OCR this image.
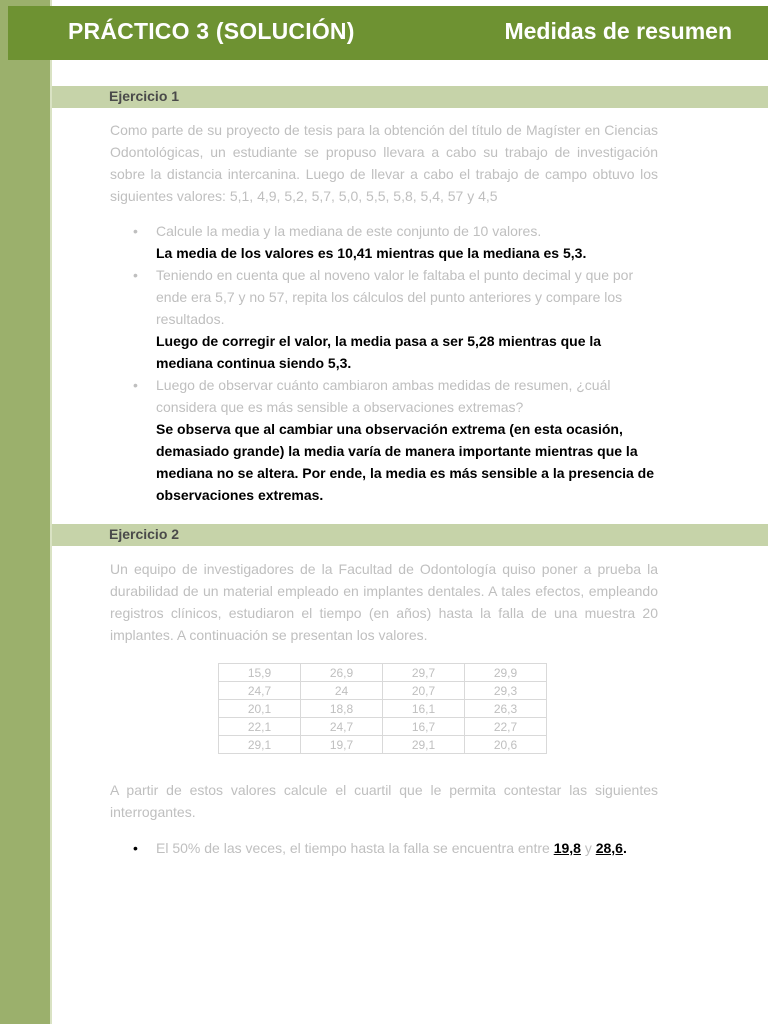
PRÁCTICO 3 (SOLUCIÓN)	Medidas de resumen
Ejercicio 1
Como parte de su proyecto de tesis para la obtención del título de Magíster en Ciencias Odontológicas, un estudiante se propuso llevara a cabo su trabajo de investigación sobre la distancia intercanina. Luego de llevar a cabo el trabajo de campo obtuvo los siguientes valores: 5,1, 4,9, 5,2, 5,7, 5,0, 5,5, 5,8, 5,4, 57 y 4,5
• Calcule la media y la mediana de este conjunto de 10 valores.
La media de los valores es 10,41 mientras que la mediana es 5,3.
• Teniendo en cuenta que al noveno valor le faltaba el punto decimal y que por ende era 5,7 y no 57, repita los cálculos del punto anteriores y compare los resultados.
Luego de corregir el valor, la media pasa a ser 5,28 mientras que la mediana continua siendo 5,3.
• Luego de observar cuánto cambiaron ambas medidas de resumen, ¿cuál considera que es más sensible a observaciones extremas?
Se observa que al cambiar una observación extrema (en esta ocasión, demasiado grande) la media varía de manera importante mientras que la mediana no se altera. Por ende, la media es más sensible a la presencia de observaciones extremas.
Ejercicio 2
Un equipo de investigadores de la Facultad de Odontología quiso poner a prueba la durabilidad de un material empleado en implantes dentales. A tales efectos, empleando registros clínicos, estudiaron el tiempo (en años) hasta la falla de una muestra 20 implantes. A continuación se presentan los valores.
15,9	26,9	29,7	29,9
24,7	24	20,7	29,3
20,1	18,8	16,1	26,3
22,1	24,7	16,7	22,7
29,1	19,7	29,1	20,6
A partir de estos valores calcule el cuartil que le permita contestar las siguientes interrogantes.
• El 50% de las veces, el tiempo hasta la falla se encuentra entre 19,8 y 28,6.
